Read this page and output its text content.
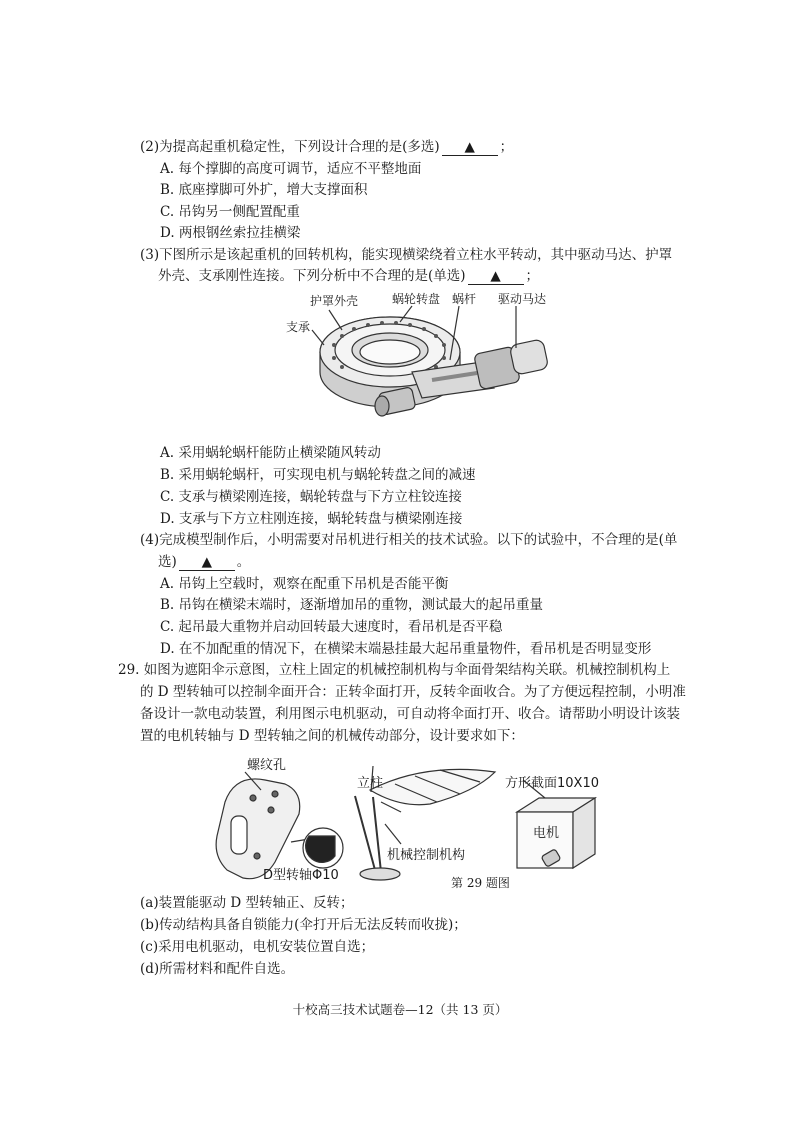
(2)为提高起重机稳定性，下列设计合理的是(多选) ▲ ；
A. 每个撑脚的高度可调节，适应不平整地面
B. 底座撑脚可外扩，增大支撑面积
C. 吊钩另一侧配置配重
D. 两根钢丝索拉挂横梁
(3)下图所示是该起重机的回转机构，能实现横梁绕着立柱水平转动，其中驱动马达、护罩
外壳、支承刚性连接。下列分析中不合理的是(单选) ▲ ；
护罩外壳	蜗轮转盘 蜗杆 驱动马达
支承
A. 采用蜗轮蜗杆能防止横梁随风转动
B. 采用蜗轮蜗杆，可实现电机与蜗轮转盘之间的减速
C. 支承与横梁刚连接，蜗轮转盘与下方立柱铰连接
D. 支承与下方立柱刚连接，蜗轮转盘与横梁刚连接
(4)完成模型制作后，小明需要对吊机进行相关的技术试验。以下的试验中，不合理的是(单
选) ▲ 。
A. 吊钩上空载时，观察在配重下吊机是否能平衡
B. 吊钩在横梁末端时，逐渐增加吊的重物，测试最大的起吊重量
C. 起吊最大重物并启动回转最大速度时，看吊机是否平稳
D. 在不加配重的情况下，在横梁末端悬挂最大起吊重量物件，看吊机是否明显变形
29. 如图为遮阳伞示意图，立柱上固定的机械控制机构与伞面骨架结构关联。机械控制机构上
的 D 型转轴可以控制伞面开合：正转伞面打开，反转伞面收合。为了方便远程控制，小明准
备设计一款电动装置，利用图示电机驱动，可自动将伞面打开、收合。请帮助小明设计该装
置的电机转轴与 D 型转轴之间的机械传动部分，设计要求如下：
螺纹孔
D型转轴Φ10
立柱
机械控制机构
方形截面10X10
电机
第 29 题图
(a)装置能驱动 D 型转轴正、反转；
(b)传动结构具备自锁能力(伞打开后无法反转而收拢)；
(c)采用电机驱动，电机安装位置自选；
(d)所需材料和配件自选。
十校高三技术试题卷—12（共 13 页）
